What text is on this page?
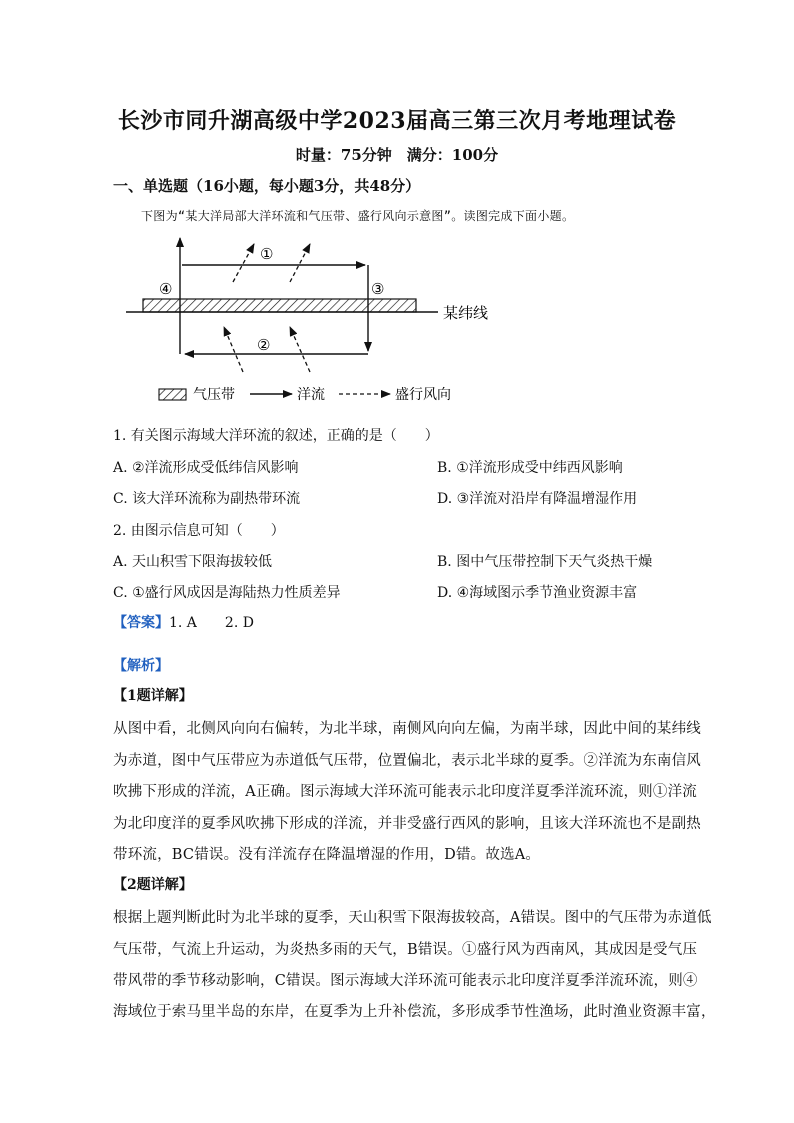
长沙市同升湖高级中学2023届高三第三次月考地理试卷
时量：75分钟　满分：100分
一、单选题（16小题，每小题3分，共48分）
下图为“某大洋局部大洋环流和气压带、盛行风向示意图”。读图完成下面小题。
①
②
③
④
某纬线
气压带	洋流	盛行风向
1. 有关图示海域大洋环流的叙述，正确的是（　　）
A. ②洋流形成受低纬信风影响	B. ①洋流形成受中纬西风影响
C. 该大洋环流称为副热带环流	D. ③洋流对沿岸有降温增湿作用
2. 由图示信息可知（　　）
A. 天山积雪下限海拔较低	B. 图中气压带控制下天气炎热干燥
C. ①盛行风成因是海陆热力性质差异	D. ④海域图示季节渔业资源丰富
【答案】1. A　　2. D
【解析】
【1题详解】
从图中看，北侧风向向右偏转，为北半球，南侧风向向左偏，为南半球，因此中间的某纬线
为赤道，图中气压带应为赤道低气压带，位置偏北，表示北半球的夏季。②洋流为东南信风
吹拂下形成的洋流，A正确。图示海域大洋环流可能表示北印度洋夏季洋流环流，则①洋流
为北印度洋的夏季风吹拂下形成的洋流，并非受盛行西风的影响，且该大洋环流也不是副热
带环流，BC错误。没有洋流存在降温增湿的作用，D错。故选A。
【2题详解】
根据上题判断此时为北半球的夏季，天山积雪下限海拔较高，A错误。图中的气压带为赤道低
气压带，气流上升运动，为炎热多雨的天气，B错误。①盛行风为西南风，其成因是受气压
带风带的季节移动影响，C错误。图示海域大洋环流可能表示北印度洋夏季洋流环流，则④
海域位于索马里半岛的东岸，在夏季为上升补偿流，多形成季节性渔场，此时渔业资源丰富，
